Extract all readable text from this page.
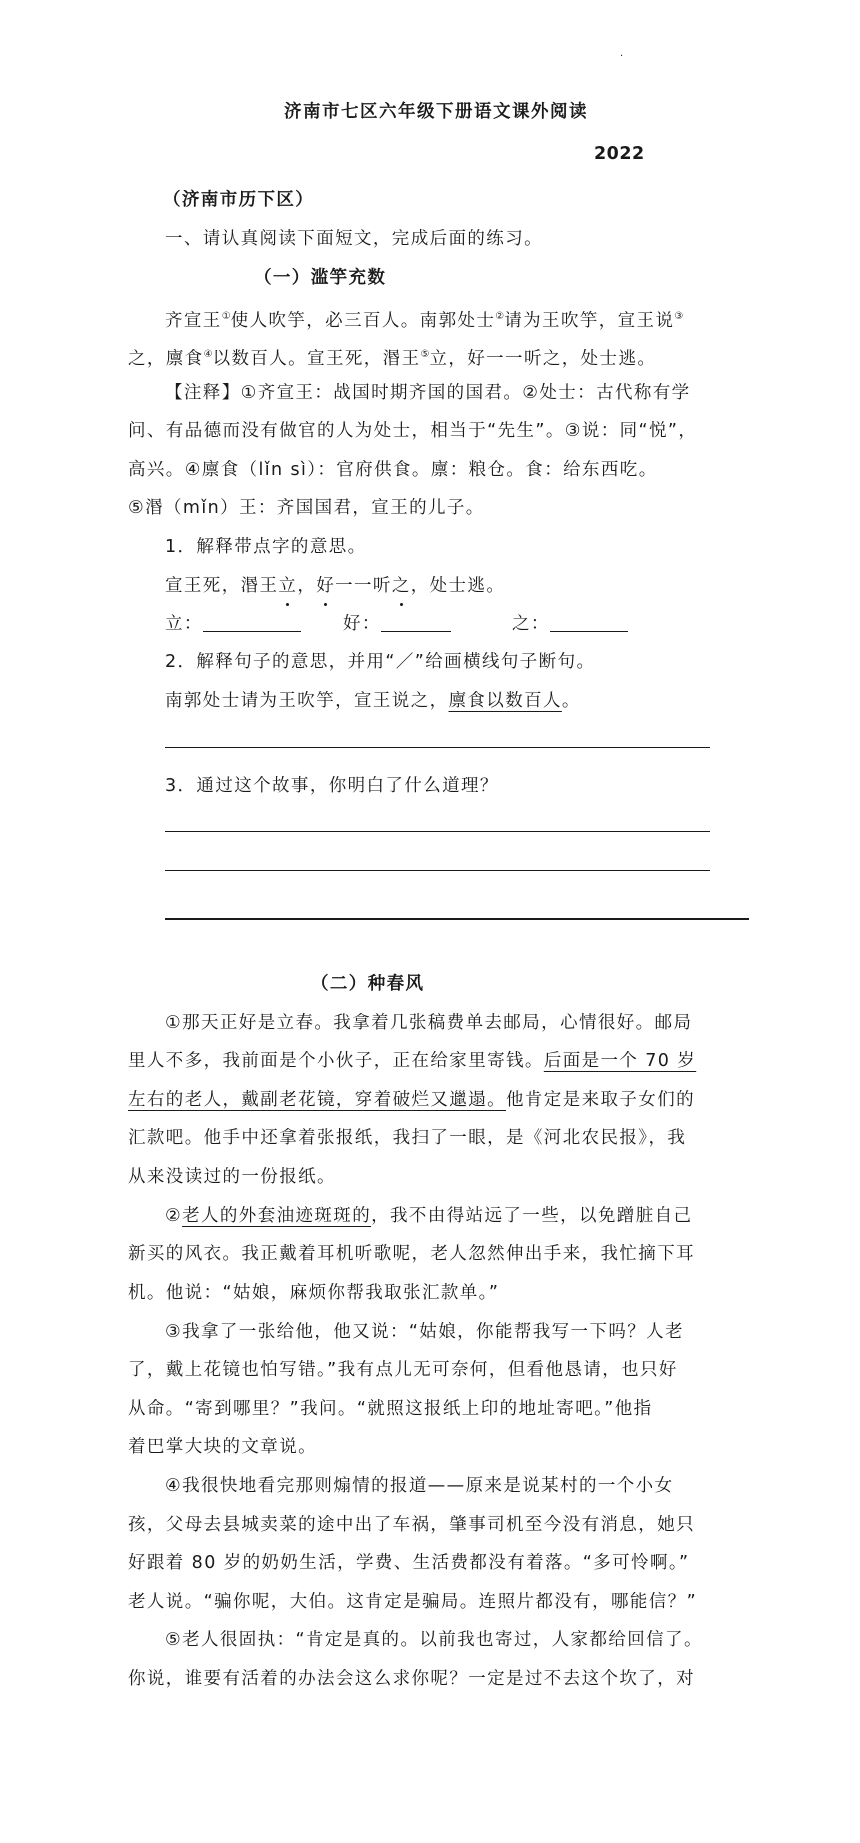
.
济南市七区六年级下册语文课外阅读
2022
（济南市历下区）
一、请认真阅读下面短文，完成后面的练习。
（一）滥竽充数
齐宣王①使人吹竽，必三百人。南郭处士②请为王吹竽，宣王说③
之，廪食④以数百人。宣王死，湣王⑤立，好一一听之，处士逃。
【注释】①齐宣王：战国时期齐国的国君。②处士：古代称有学
问、有品德而没有做官的人为处士，相当于“先生”。③说：同“悦”，
高兴。④廪食（lǐn sì）：官府供食。廪：粮仓。食：给东西吃。
⑤湣（mǐn）王：齐国国君，宣王的儿子。
1．解释带点字的意思。
宣王死，湣王立，好一一听之，处士逃。
立：	好：	之：
2．解释句子的意思，并用“／”给画横线句子断句。
南郭处士请为王吹竽，宣王说之，廪食以数百人。
3．通过这个故事，你明白了什么道理？
（二）种春风
①那天正好是立春。我拿着几张稿费单去邮局，心情很好。邮局
里人不多，我前面是个小伙子，正在给家里寄钱。后面是一个 70 岁
左右的老人，戴副老花镜，穿着破烂又邋遢。他肯定是来取子女们的
汇款吧。他手中还拿着张报纸，我扫了一眼，是《河北农民报》，我
从来没读过的一份报纸。
②老人的外套油迹斑斑的，我不由得站远了一些，以免蹭脏自己
新买的风衣。我正戴着耳机听歌呢，老人忽然伸出手来，我忙摘下耳
机。他说：“姑娘，麻烦你帮我取张汇款单。”
③我拿了一张给他，他又说：“姑娘，你能帮我写一下吗？人老
了，戴上花镜也怕写错。”我有点儿无可奈何，但看他恳请，也只好
从命。“寄到哪里？”我问。“就照这报纸上印的地址寄吧。”他指
着巴掌大块的文章说。
④我很快地看完那则煽情的报道——原来是说某村的一个小女
孩，父母去县城卖菜的途中出了车祸，肇事司机至今没有消息，她只
好跟着 80 岁的奶奶生活，学费、生活费都没有着落。“多可怜啊。”
老人说。“骗你呢，大伯。这肯定是骗局。连照片都没有，哪能信？”
⑤老人很固执：“肯定是真的。以前我也寄过，人家都给回信了。
你说，谁要有活着的办法会这么求你呢？一定是过不去这个坎了，对
